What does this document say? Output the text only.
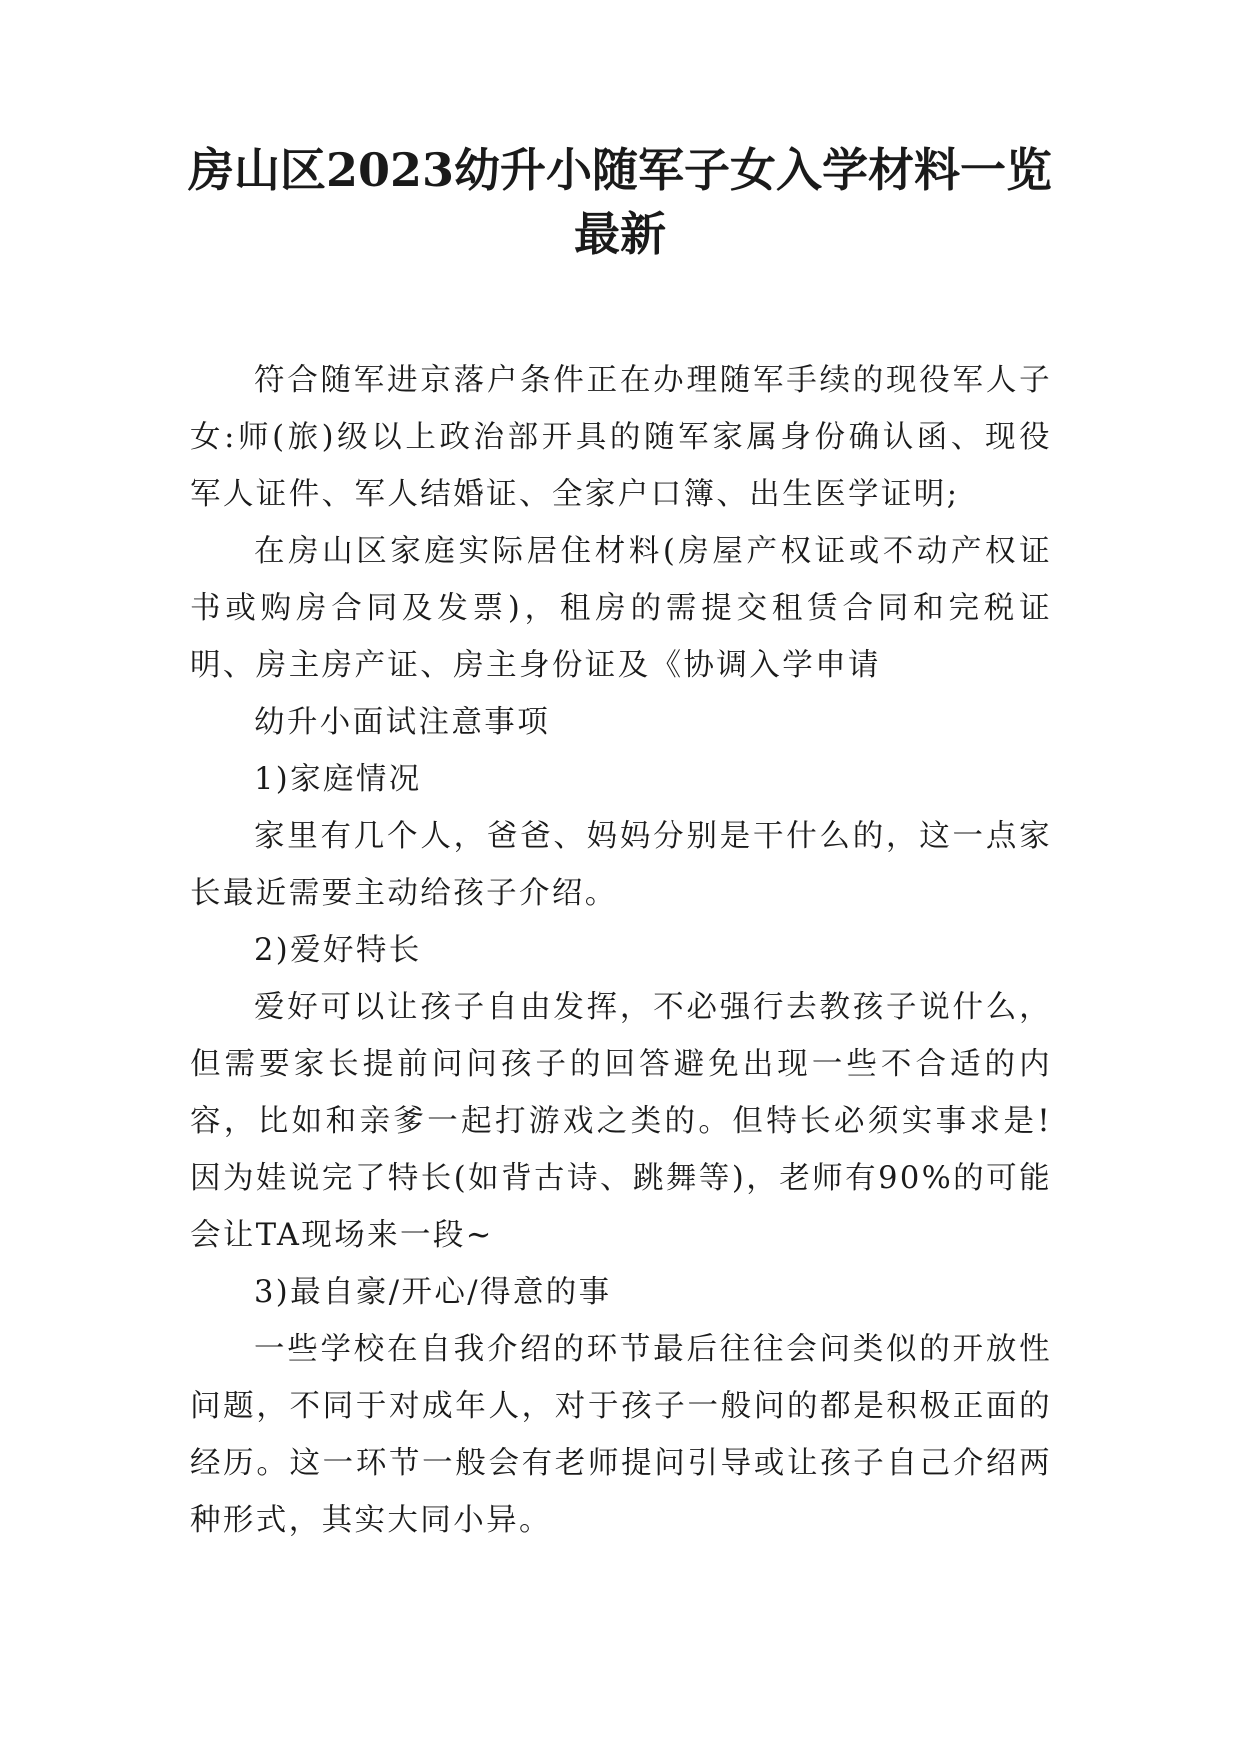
房山区2023幼升小随军子女入学材料一览
最新

符合随军进京落户条件正在办理随军手续的现役军人子女:师(旅)级以上政治部开具的随军家属身份确认函、现役军人证件、军人结婚证、全家户口簿、出生医学证明;

在房山区家庭实际居住材料(房屋产权证或不动产权证书或购房合同及发票)，租房的需提交租赁合同和完税证明、房主房产证、房主身份证及《协调入学申请

幼升小面试注意事项

1)家庭情况

家里有几个人，爸爸、妈妈分别是干什么的，这一点家长最近需要主动给孩子介绍。

2)爱好特长

爱好可以让孩子自由发挥，不必强行去教孩子说什么，但需要家长提前问问孩子的回答避免出现一些不合适的内容，比如和亲爹一起打游戏之类的。但特长必须实事求是!因为娃说完了特长(如背古诗、跳舞等)，老师有90%的可能会让TA现场来一段~

3)最自豪/开心/得意的事

一些学校在自我介绍的环节最后往往会问类似的开放性问题，不同于对成年人，对于孩子一般问的都是积极正面的经历。这一环节一般会有老师提问引导或让孩子自己介绍两种形式，其实大同小异。
